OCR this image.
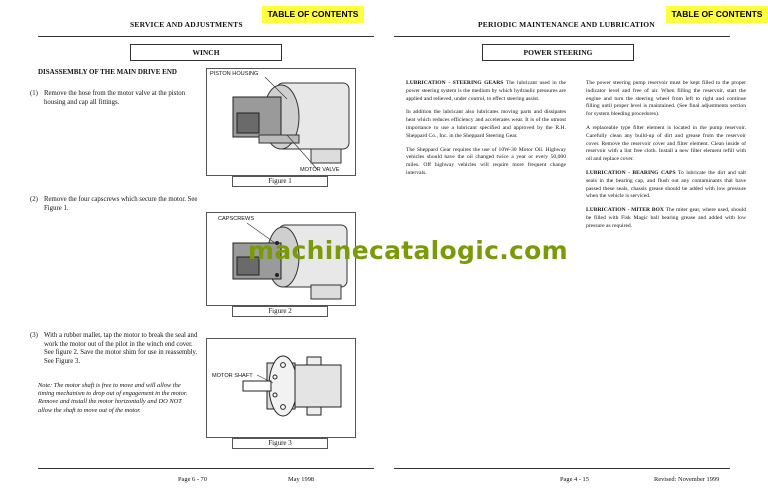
TABLE OF CONTENTS
SERVICE AND ADJUSTMENTS
WINCH
DISASSEMBLY OF THE MAIN DRIVE END
(1) Remove the hose from the motor valve at the piston housing and cap all fittings.
(2) Remove the four capscrews which secure the motor. See Figure 1.
(3) With a rubber mallet, tap the motor to break the seal and work the motor out of the pilot in the winch end cover. See figure 2. Save the motor shim for use in reassembly. See Figure 3.
Note: The motor shaft is free to move and will allow the timing mechanism to drop out of engagement in the motor. Remove and install the motor horizontally and DO NOT allow the shaft to move out of the motor.
PISTON HOUSING
MOTOR VALVE
Figure 1
CAPSCREWS
Figure 2
MOTOR SHAFT
Figure 3
Page 6 - 70	May 1998
TABLE OF CONTENTS
PERIODIC MAINTENANCE AND LUBRICATION
POWER STEERING

LUBRICATION - STEERING GEARS The lubricant used in the power steering system is the medium by which hydraulic pressures are applied and relieved, under control, to effect steering assist.

In addition the lubricant also lubricates moving parts and dissipates heat which reduces efficiency and accelerates wear. It is of the utmost importance to use a lubricant specified and approved by the R.H. Sheppard Co., Inc. in the Sheppard Steering Gear.

The Sheppard Gear requires the use of 10W-30 Motor Oil. Highway vehicles should have the oil changed twice a year or every 50,000 miles. Off highway vehicles will require more frequent change intervals.

The power steering pump reservoir must be kept filled to the proper indicator level and free of air. When filling the reservoir, start the engine and turn the steering wheel from left to right and continue filling until proper level is maintained. (See final adjustments section for system bleeding procedures).

A replaceable type filter element is located in the pump reservoir. Carefully clean any build-up of dirt and grease from the reservoir cover. Remove the reservoir cover and filter element. Clean inside of reservoir with a lint free cloth. Install a new filter element refill with oil and replace cover.

LUBRICATION - BEARING CAPS To lubricate the dirt and salt seals in the bearing cap, and flush out any contaminants that have passed these seals, chassis grease should be added with low pressure when the vehicle is serviced.

LUBRICATION - MITER BOX The miter gear, where used, should be filled with Fisk Magic ball bearing grease and added with low pressure as required.

Page 4 - 15	Revised: November 1999
machinecatalogic.com
